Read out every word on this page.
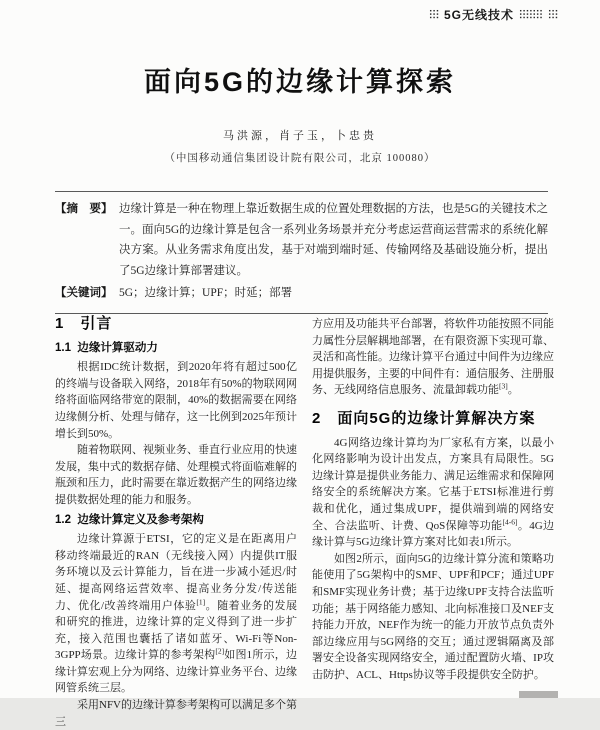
5G无线技术
面向5G的边缘计算探索
马洪源，肖子玉，卜忠贵
（中国移动通信集团设计院有限公司，北京 100080）
【摘　要】 边缘计算是一种在物理上靠近数据生成的位置处理数据的方法，也是5G的关键技术之一。面向5G的边缘计算是包含一系列业务场景并充分考虑运营商运营需求的系统化解决方案。从业务需求角度出发，基于对端到端时延、传输网络及基础设施分析，提出了5G边缘计算部署建议。
【关键词】 5G；边缘计算；UPF；时延；部署
1　引言
1.1  边缘计算驱动力

根据IDC统计数据，到2020年将有超过500亿的终端与设备联入网络，2018年有50%的物联网网络将面临网络带宽的限制，40%的数据需要在网络边缘侧分析、处理与储存，这一比例到2025年预计增长到50%。

随着物联网、视频业务、垂直行业应用的快速发展，集中式的数据存储、处理模式将面临难解的瓶颈和压力，此时需要在靠近数据产生的网络边缘提供数据处理的能力和服务。

1.2  边缘计算定义及参考架构

边缘计算源于ETSI，它的定义是在距离用户移动终端最近的RAN（无线接入网）内提供IT服务环境以及云计算能力，旨在进一步减小延迟/时延、提高网络运营效率、提高业务分发/传送能力、优化/改善终端用户体验[1]。随着业务的发展和研究的推进，边缘计算的定义得到了进一步扩充，接入范围也囊括了诸如蓝牙、Wi-Fi等Non-3GPP场景。边缘计算的参考架构[2]如图1所示，边缘计算宏观上分为网络、边缘计算业务平台、边缘网管系统三层。

采用NFV的边缘计算参考架构可以满足多个第三

方应用及功能共平台部署，将软件功能按照不同能力属性分层解耦地部署，在有限资源下实现可靠、灵活和高性能。边缘计算平台通过中间件为边缘应用提供服务，主要的中间件有：通信服务、注册服务、无线网络信息服务、流量卸载功能[3]。

2　面向5G的边缘计算解决方案

4G网络边缘计算均为厂家私有方案，以最小化网络影响为设计出发点，方案具有局限性。5G边缘计算是提供业务能力、满足运维需求和保障网络安全的系统解决方案。它基于ETSI标准进行剪裁和优化，通过集成UPF，提供端到端的网络安全、合法监听、计费、QoS保障等功能[4-6]。4G边缘计算与5G边缘计算方案对比如表1所示。

如图2所示，面向5G的边缘计算分流和策略功能使用了5G架构中的SMF、UPF和PCF；通过UPF和SMF实现业务计费；基于边缘UPF支持合法监听功能；基于网络能力感知、北向标准接口及NEF支持能力开放，NEF作为统一的能力开放节点负责外部边缘应用与5G网络的交互；通过逻辑隔离及部署安全设备实现网络安全，通过配置防火墙、IP攻击防护、ACL、Https协议等手段提供安全防护。
